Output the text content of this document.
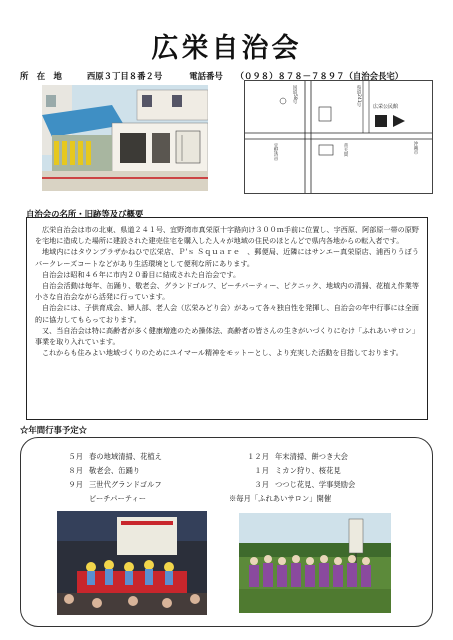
広栄自治会
所　在　地	西原３丁目８番２号	電話番号 （０９８）８７８－７８９７（自治会長宅）
国道58号	県道241号
宜野湾市	普天間	沖縄市
広栄公民館
自治会の名所・旧跡等及び概要

広栄自治会は市の北東、県道２４１号、宜野湾市真栄原十字路向け３００ｍ手前に位置し、宇西原、阿部原一帯の原野を宅地に造成した場所に建設された建売住宅を購入した人々が地域の住民のほとんどで県内各地からの転入者です。

地域内にはタウンプラザかねひで広栄店、Ｐ'ｓ Ｓｑｕａｒｅ　、郵便局、近隣にはサンエー真栄原店、浦西りうぼうバークレーズコートなどがあり生活環境として便利な所にあります。

自治会は昭和４６年に市内２０番目に結成された自治会です。

自治会活動は毎年、缶踊り、敬老会、グランドゴルフ、ビーチパーティー、ピクニック、地域内の清掃、花植え作業等小さな自治会ながら活発に行っています。

自治会には、子供育成会、婦人部、老人会（広栄みどり会）があって各々独自性を発揮し、自治会の年中行事には全面的に協力してもらっております。

又、当自治会は特に高齢者が多く健康増進のため操体法、高齢者の皆さんの生きがいづくりにむけ「ふれあいサロン」事業を取り入れています。

これからも住みよい地域づくりのためにユイマール精神をモットーとし、より充実した活動を目指しております。

☆年間行事予定☆
５月 春の地域清掃、花植え
８月 敬老会、缶踊り
９月 三世代グランドゴルフ
ビーチパーティー
１２月 年末清掃、餅つき大会
１月 ミカン狩り、桜花見
３月 つつじ花見、学事奨励会
※毎月「ふれあいサロン」開催
